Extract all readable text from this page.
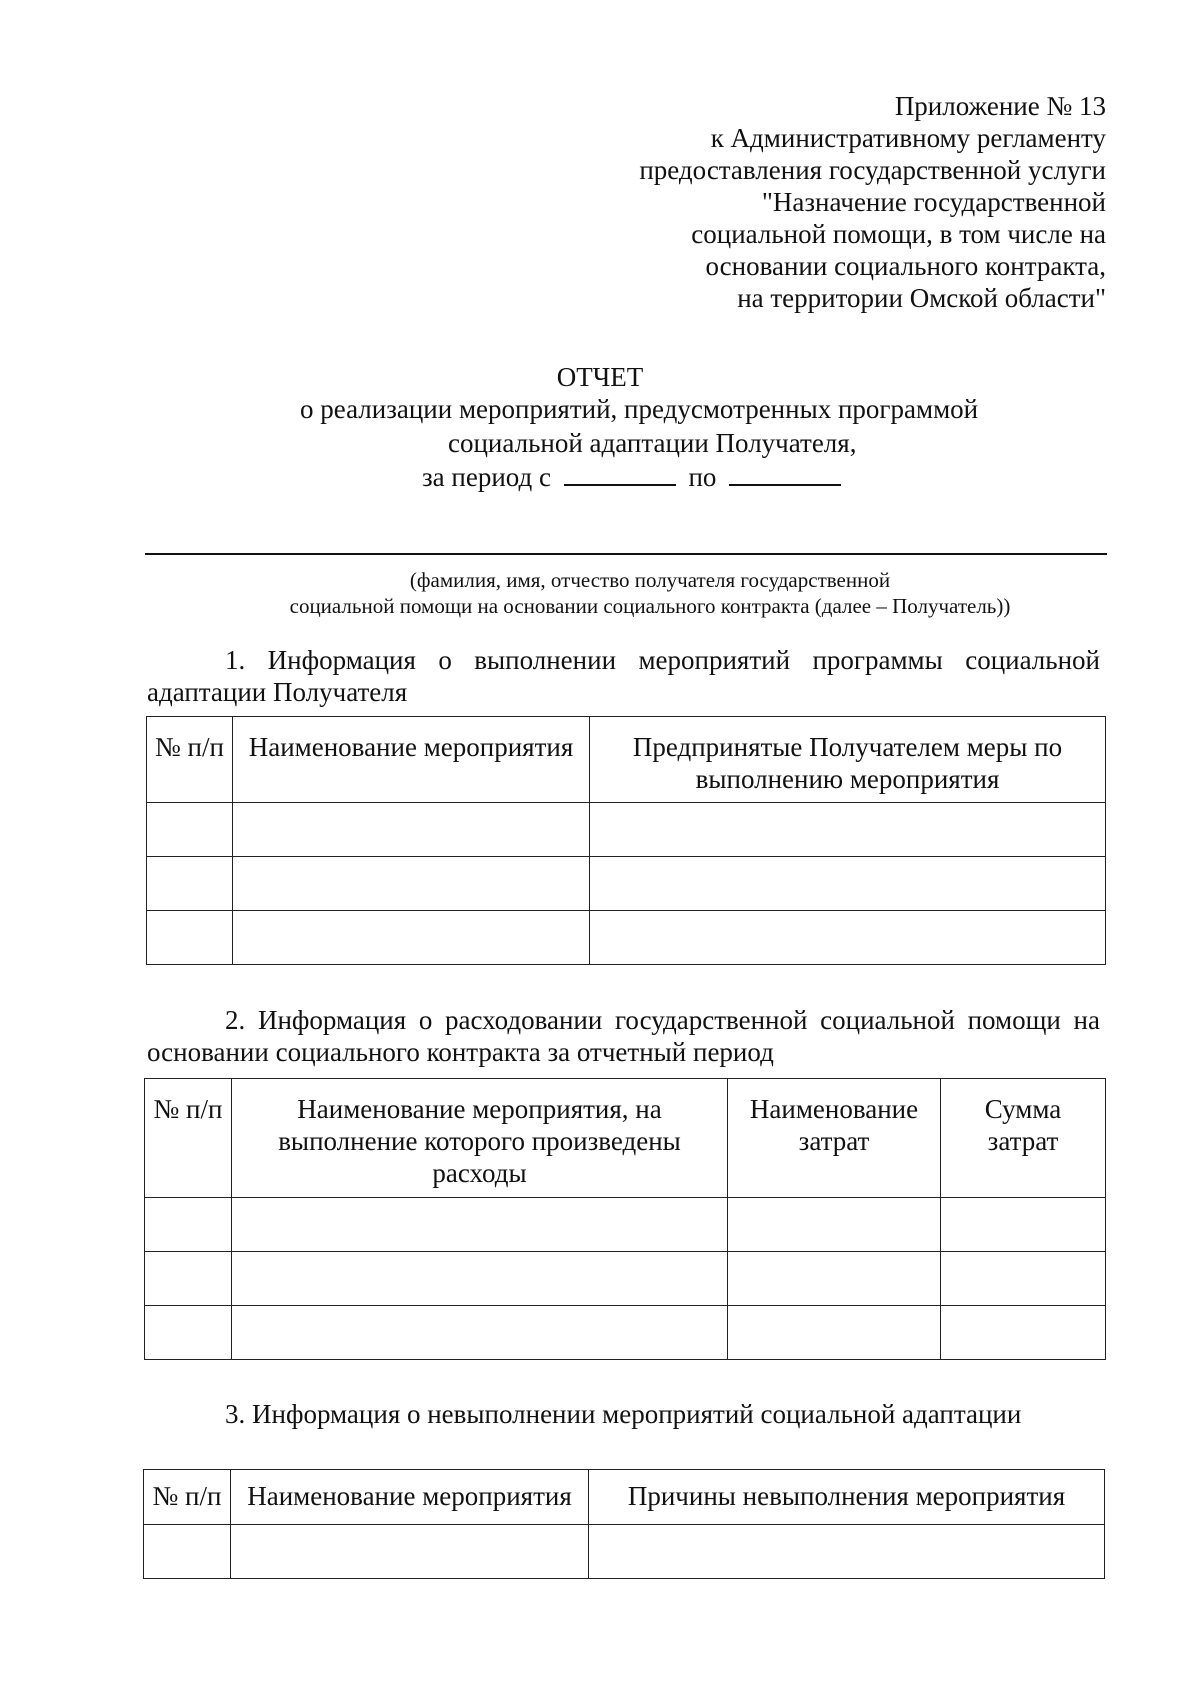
Приложение № 13
к Административному регламенту
предоставления государственной услуги
"Назначение государственной
социальной помощи, в том числе на
основании социального контракта,
на территории Омской области"
ОТЧЕТ
о реализации мероприятий, предусмотренных программой
социальной адаптации Получателя,
за период с	по
(фамилия, имя, отчество получателя государственной
социальной помощи на основании социального контракта (далее – Получатель))
1. Информация о выполнении мероприятий программы социальной адаптации Получателя
№ п/п	Наименование мероприятия	Предпринятые Получателем меры по выполнению мероприятия

2. Информация о расходовании государственной социальной помощи на основании социального контракта за отчетный период
№ п/п	Наименование мероприятия, на выполнение которого произведены расходы	Наименование затрат	Сумма затрат

3. Информация о невыполнении мероприятий социальной адаптации
№ п/п	Наименование мероприятия	Причины невыполнения мероприятия
